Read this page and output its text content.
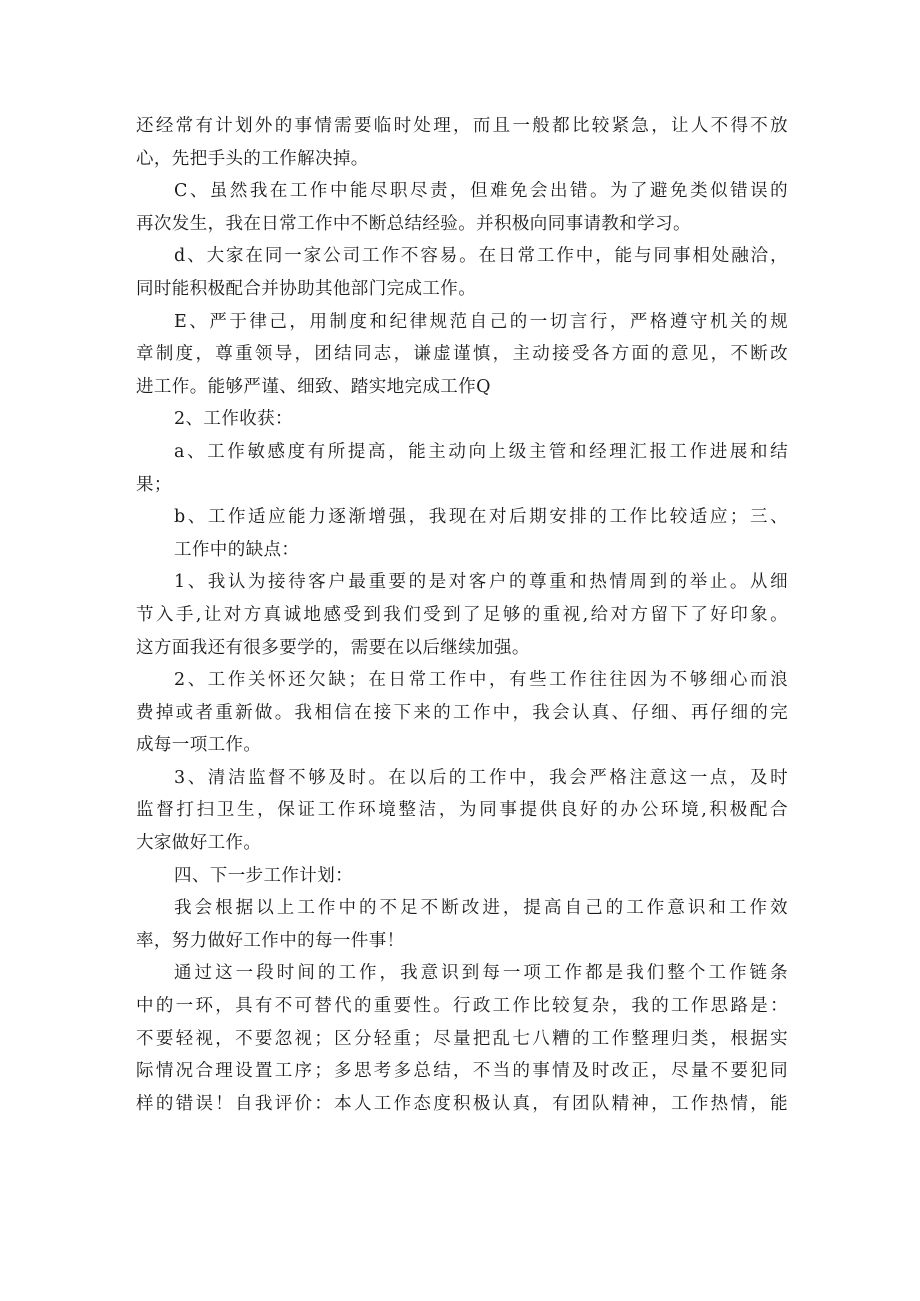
还经常有计划外的事情需要临时处理，而且一般都比较紧急，让人不得不放
心，先把手头的工作解决掉。
C、虽然我在工作中能尽职尽责，但难免会出错。为了避免类似错误的
再次发生，我在日常工作中不断总结经验。并积极向同事请教和学习。
d、大家在同一家公司工作不容易。在日常工作中，能与同事相处融洽，
同时能积极配合并协助其他部门完成工作。
E、严于律己，用制度和纪律规范自己的一切言行，严格遵守机关的规
章制度，尊重领导，团结同志，谦虚谨慎，主动接受各方面的意见，不断改
进工作。能够严谨、细致、踏实地完成工作Q
2、工作收获：
a、工作敏感度有所提高，能主动向上级主管和经理汇报工作进展和结
果；
b、工作适应能力逐渐增强，我现在对后期安排的工作比较适应；三、
工作中的缺点：
1、我认为接待客户最重要的是对客户的尊重和热情周到的举止。从细
节入手,让对方真诚地感受到我们受到了足够的重视,给对方留下了好印象。
这方面我还有很多要学的，需要在以后继续加强。
2、工作关怀还欠缺；在日常工作中，有些工作往往因为不够细心而浪
费掉或者重新做。我相信在接下来的工作中，我会认真、仔细、再仔细的完
成每一项工作。
3、清洁监督不够及时。在以后的工作中，我会严格注意这一点，及时
监督打扫卫生，保证工作环境整洁，为同事提供良好的办公环境,积极配合
大家做好工作。
四、下一步工作计划：
我会根据以上工作中的不足不断改进，提高自己的工作意识和工作效
率，努力做好工作中的每一件事！
通过这一段时间的工作，我意识到每一项工作都是我们整个工作链条
中的一环，具有不可替代的重要性。行政工作比较复杂，我的工作思路是：
不要轻视，不要忽视；区分轻重；尽量把乱七八糟的工作整理归类，根据实
际情况合理设置工序；多思考多总结，不当的事情及时改正，尽量不要犯同
样的错误！自我评价：本人工作态度积极认真，有团队精神，工作热情，能
